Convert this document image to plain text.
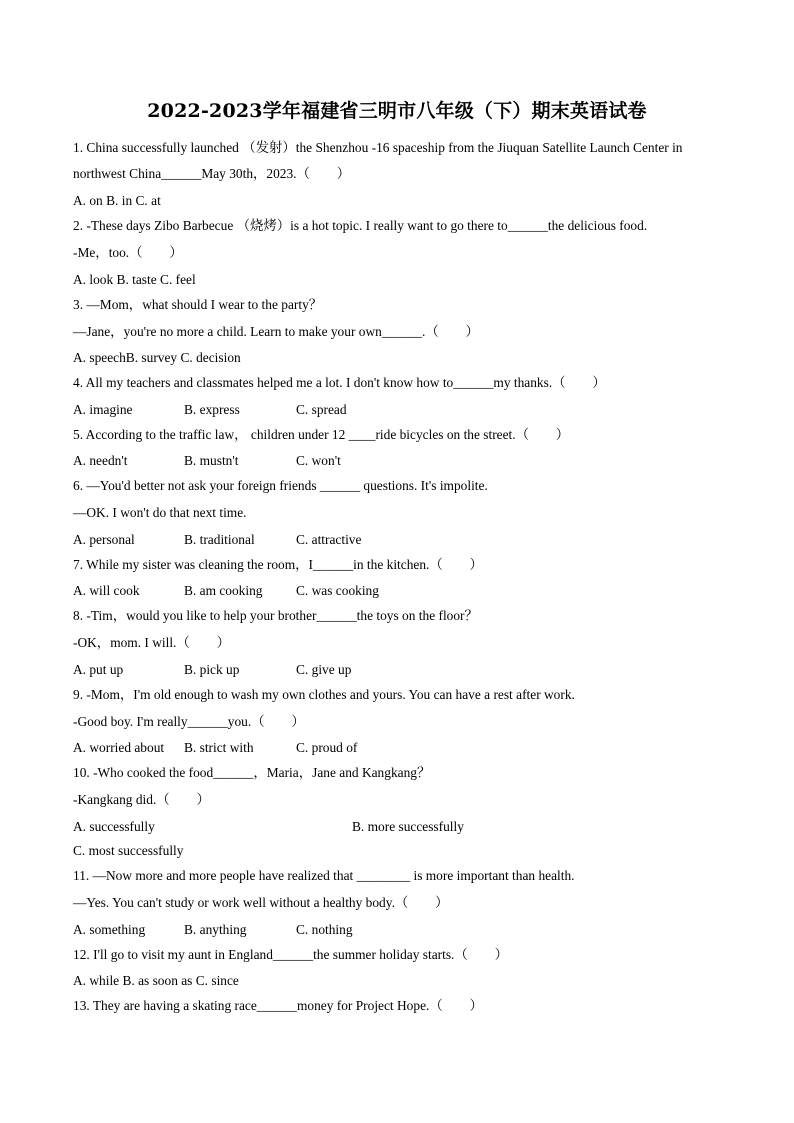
2022-2023学年福建省三明市八年级（下）期末英语试卷
1. China successfully launched （发射）the Shenzhou -16 spaceship from the Jiuquan Satellite Launch Center in
northwest China______May 30th，2023.（　　）
A. on B. in C. at
2. -These days Zibo Barbecue （烧烤）is a hot topic. I really want to go there to______the delicious food.
-Me，too.（　　）
A. look B. taste C. feel
3. —Mom，what should I wear to the party？
—Jane，you're no more a child. Learn to make your own______.（　　）
A. speechB. survey C. decision
4. All my teachers and classmates helped me a lot. I don't know how to______my thanks.（　　）
A. imagine	B. express	C. spread
5. According to the traffic law， children under 12 ____ride bicycles on the street.（　　）
A. needn't	B. mustn't	C. won't
6. —You'd better not ask your foreign friends ______ questions. It's impolite.
—OK. I won't do that next time.
A. personal	B. traditional	C. attractive
7. While my sister was cleaning the room，I______in the kitchen.（　　）
A. will cook	B. am cooking	C. was cooking
8. -Tim，would you like to help your brother______the toys on the floor？
-OK，mom. I will.（　　）
A. put up	B. pick up	C. give up
9. -Mom，I'm old enough to wash my own clothes and yours. You can have a rest after work.
-Good boy. I'm really______you.（　　）
A. worried about B. strict with	C. proud of
10. -Who cooked the food______，Maria，Jane and Kangkang？
-Kangkang did.（　　）
A. successfully	B. more successfully
C. most successfully
11. —Now more and more people have realized that ________ is more important than health.
—Yes. You can't study or work well without a healthy body.（　　）
A. something	B. anything	C. nothing
12. I'll go to visit my aunt in England______the summer holiday starts.（　　）
A. while B. as soon as C. since
13. They are having a skating race______money for Project Hope.（　　）
